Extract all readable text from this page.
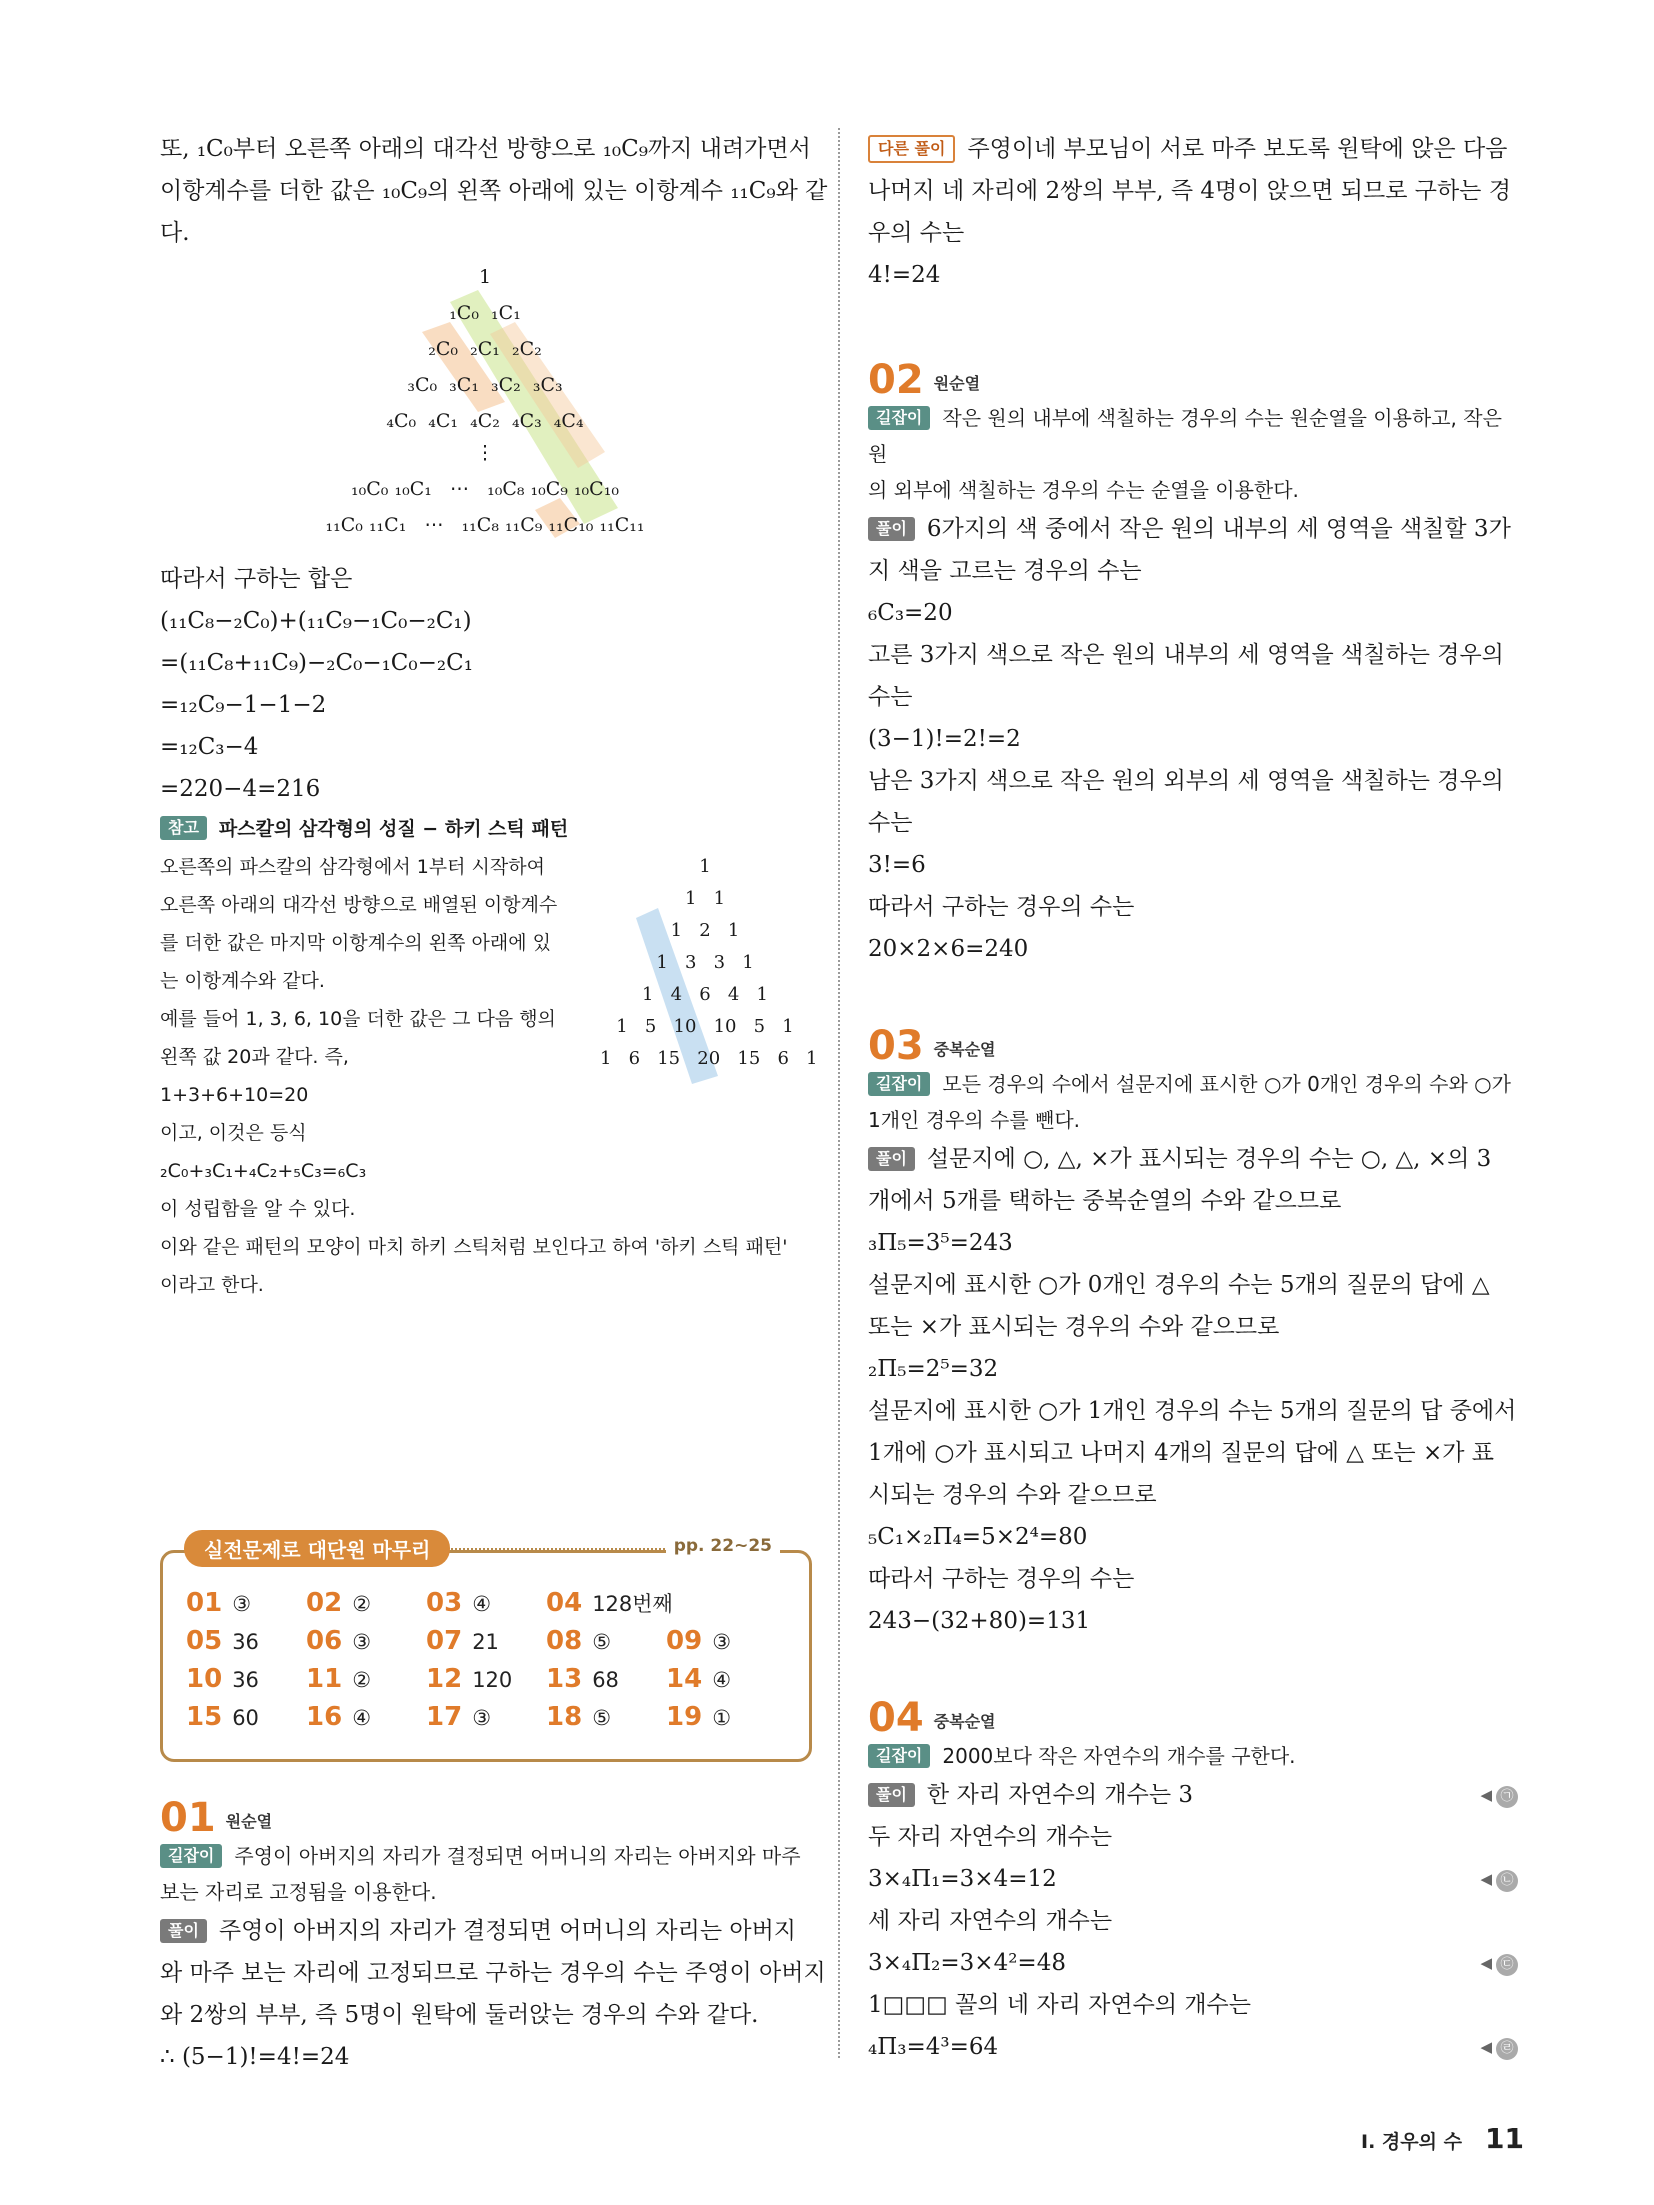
또, ₁C₀부터 오른쪽 아래의 대각선 방향으로 ₁₀C₉까지 내려가면서

이항계수를 더한 값은 ₁₀C₉의 왼쪽 아래에 있는 이항계수 ₁₁C₉와 같

다.

1
₁C₀  ₁C₁
₂C₀  ₂C₁  ₂C₂
₃C₀  ₃C₁  ₃C₂  ₃C₃
₄C₀  ₄C₁  ₄C₂  ₄C₃  ₄C₄
⋮
₁₀C₀ ₁₀C₁   ⋯   ₁₀C₈ ₁₀C₉ ₁₀C₁₀
₁₁C₀ ₁₁C₁   ⋯   ₁₁C₈ ₁₁C₉ ₁₁C₁₀ ₁₁C₁₁

따라서 구하는 합은

(₁₁C₈−₂C₀)+(₁₁C₉−₁C₀−₂C₁)

=(₁₁C₈+₁₁C₉)−₂C₀−₁C₀−₂C₁

=₁₂C₉−1−1−2

=₁₂C₃−4

=220−4=216

참고 파스칼의 삼각형의 성질 − 하키 스틱 패턴

오른쪽의 파스칼의 삼각형에서 1부터 시작하여

오른쪽 아래의 대각선 방향으로 배열된 이항계수

를 더한 값은 마지막 이항계수의 왼쪽 아래에 있

는 이항계수와 같다.

예를 들어 1, 3, 6, 10을 더한 값은 그 다음 행의

왼쪽 값 20과 같다. 즉,

1+3+6+10=20

이고, 이것은 등식

₂C₀+₃C₁+₄C₂+₅C₃=₆C₃

이 성립함을 알 수 있다.

이와 같은 패턴의 모양이 마치 하키 스틱처럼 보인다고 하여 '하키 스틱 패턴'

이라고 한다.

1
1   1
1   2   1
1   3   3   1
1   4   6   4   1
1   5   10   10   5   1
1   6   15   20   15   6   1
실전문제로 대단원 마무리	pp. 22~25
01 ③ 02 ② 03 ④ 04 128번째
05 36 06 ③ 07 21 08 ⑤ 09 ③
10 36 11 ② 12 120 13 68 14 ④
15 60 16 ④ 17 ③ 18 ⑤ 19 ①
01 원순열

길잡이 주영이 아버지의 자리가 결정되면 어머니의 자리는 아버지와 마주

보는 자리로 고정됨을 이용한다.

풀이 주영이 아버지의 자리가 결정되면 어머니의 자리는 아버지

와 마주 보는 자리에 고정되므로 구하는 경우의 수는 주영이 아버지

와 2쌍의 부부, 즉 5명이 원탁에 둘러앉는 경우의 수와 같다.

∴ (5−1)!=4!=24

다른 풀이 주영이네 부모님이 서로 마주 보도록 원탁에 앉은 다음

나머지 네 자리에 2쌍의 부부, 즉 4명이 앉으면 되므로 구하는 경

우의 수는

4!=24

02 원순열

길잡이 작은 원의 내부에 색칠하는 경우의 수는 원순열을 이용하고, 작은 원

의 외부에 색칠하는 경우의 수는 순열을 이용한다.

풀이 6가지의 색 중에서 작은 원의 내부의 세 영역을 색칠할 3가

지 색을 고르는 경우의 수는

₆C₃=20

고른 3가지 색으로 작은 원의 내부의 세 영역을 색칠하는 경우의

수는

(3−1)!=2!=2

남은 3가지 색으로 작은 원의 외부의 세 영역을 색칠하는 경우의

수는

3!=6

따라서 구하는 경우의 수는

20×2×6=240

03 중복순열

길잡이 모든 경우의 수에서 설문지에 표시한 ○가 0개인 경우의 수와 ○가

1개인 경우의 수를 뺀다.

풀이 설문지에 ○, △, ×가 표시되는 경우의 수는 ○, △, ×의 3

개에서 5개를 택하는 중복순열의 수와 같으므로

₃Π₅=3⁵=243

설문지에 표시한 ○가 0개인 경우의 수는 5개의 질문의 답에 △

또는 ×가 표시되는 경우의 수와 같으므로

₂Π₅=2⁵=32

설문지에 표시한 ○가 1개인 경우의 수는 5개의 질문의 답 중에서

1개에 ○가 표시되고 나머지 4개의 질문의 답에 △ 또는 ×가 표

시되는 경우의 수와 같으므로

₅C₁×₂Π₄=5×2⁴=80

따라서 구하는 경우의 수는

243−(32+80)=131

04 중복순열

길잡이 2000보다 작은 자연수의 개수를 구한다.

풀이 한 자리 자연수의 개수는 3	◀ ㉠

두 자리 자연수의 개수는

3×₄Π₁=3×4=12	◀ ㉡

세 자리 자연수의 개수는

3×₄Π₂=3×4²=48	◀ ㉢

1□□□ 꼴의 네 자리 자연수의 개수는

₄Π₃=4³=64	◀ ㉣

Ⅰ. 경우의 수 11
